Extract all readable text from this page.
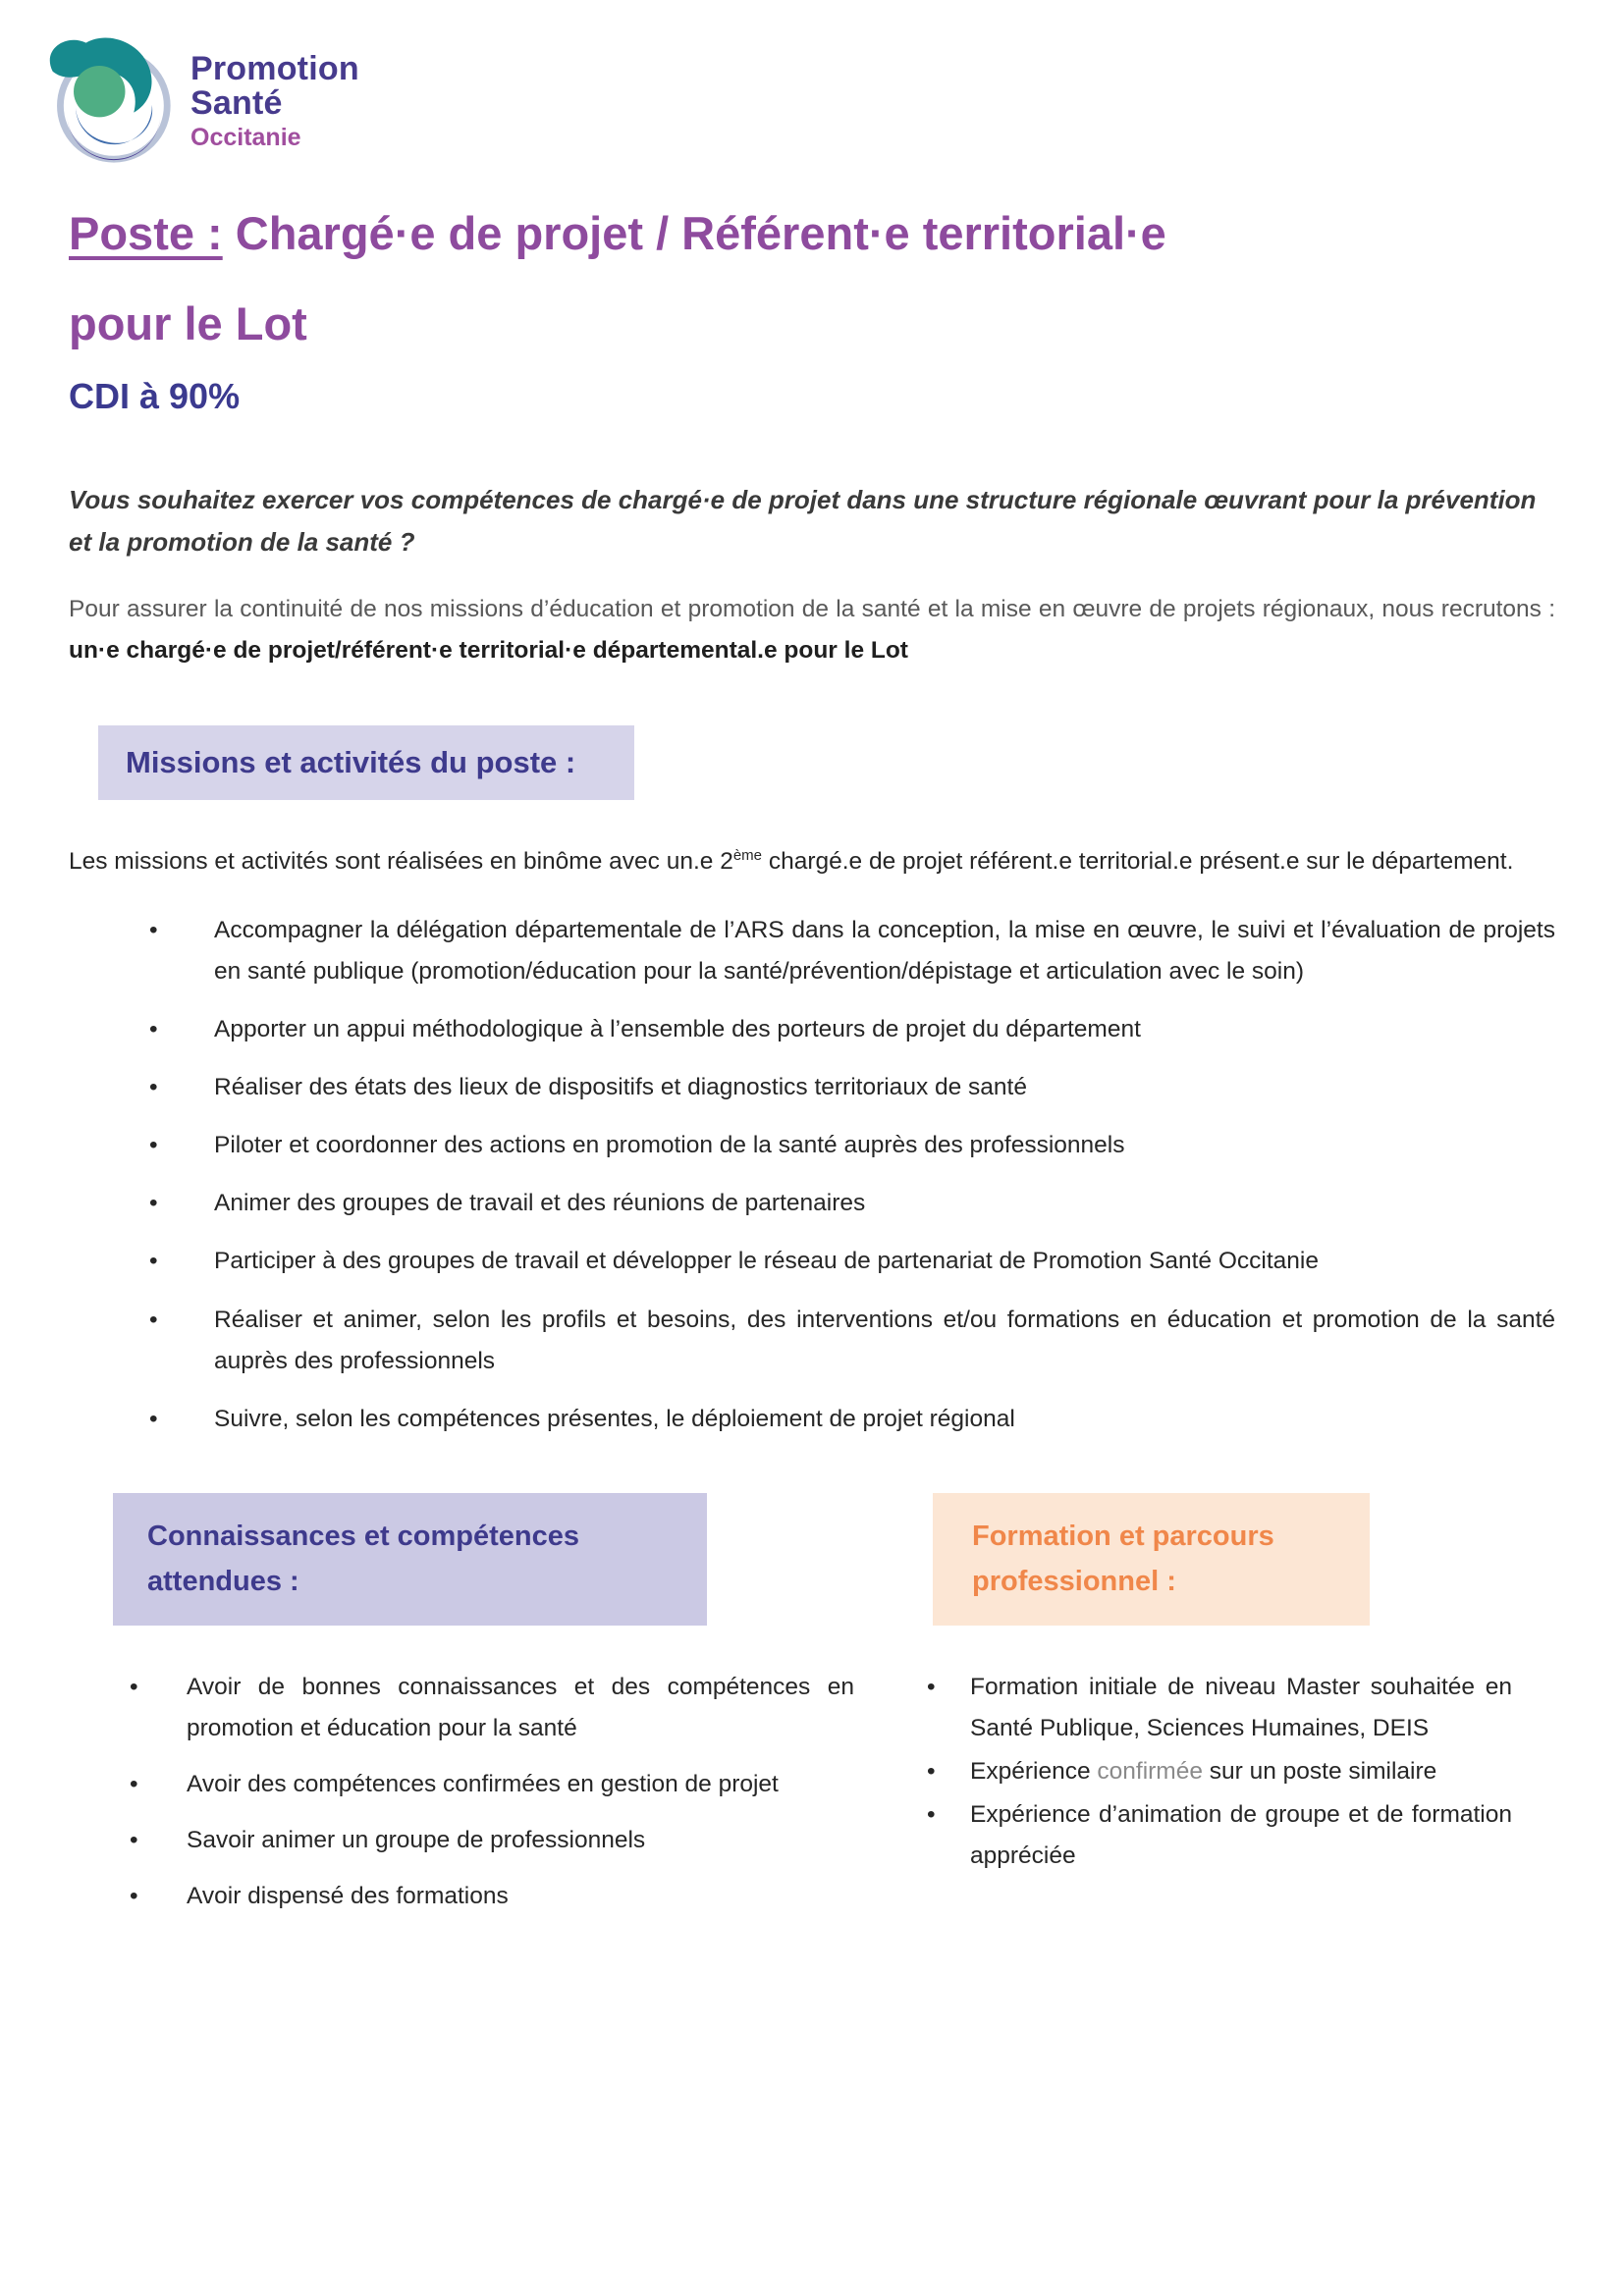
Promotion
Santé
Occitanie
Poste : Chargé·e de projet / Référent·e territorial·e
pour le Lot
CDI à 90%

Vous souhaitez exercer vos compétences de chargé·e de projet dans une structure régionale œuvrant pour la prévention et la promotion de la santé ?

Pour assurer la continuité de nos missions d’éducation et promotion de la santé et la mise en œuvre de projets régionaux, nous recrutons : un·e chargé·e de projet/référent·e territorial·e départemental.e pour le Lot

Missions et activités du poste :

Les missions et activités sont réalisées en binôme avec un.e 2ème chargé.e de projet référent.e territorial.e présent.e sur le département.

• Accompagner la délégation départementale de l’ARS dans la conception, la mise en œuvre, le suivi et l’évaluation de projets en santé publique (promotion/éducation pour la santé/prévention/dépistage et articulation avec le soin)
• Apporter un appui méthodologique à l’ensemble des porteurs de projet du département
• Réaliser des états des lieux de dispositifs et diagnostics territoriaux de santé
• Piloter et coordonner des actions en promotion de la santé auprès des professionnels
• Animer des groupes de travail et des réunions de partenaires
• Participer à des groupes de travail et développer le réseau de partenariat de Promotion Santé Occitanie
• Réaliser et animer, selon les profils et besoins, des interventions et/ou formations en éducation et promotion de la santé auprès des professionnels
• Suivre, selon les compétences présentes, le déploiement de projet régional
Connaissances et compétences attendues :
• Avoir de bonnes connaissances et des compétences en promotion et éducation pour la santé
• Avoir des compétences confirmées en gestion de projet
• Savoir animer un groupe de professionnels
• Avoir dispensé des formations
Formation et parcours professionnel :
• Formation initiale de niveau Master souhaitée en Santé Publique, Sciences Humaines, DEIS
• Expérience confirmée sur un poste similaire
• Expérience d’animation de groupe et de formation appréciée
